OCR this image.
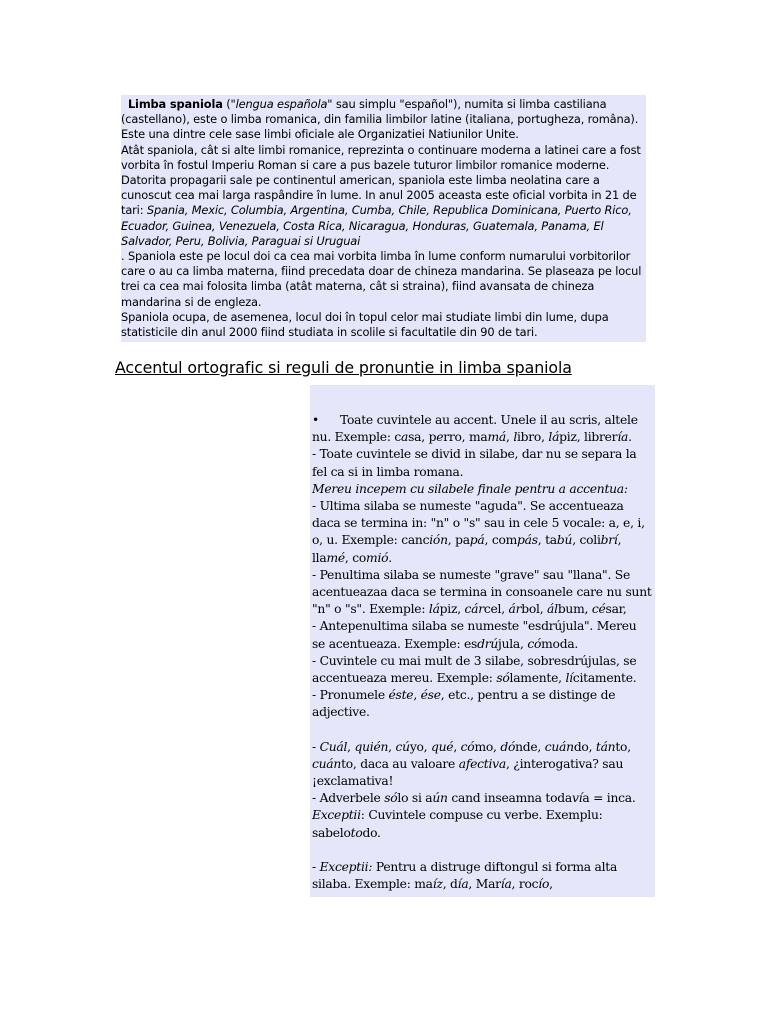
Limba spaniola ("lengua española" sau simplu "español"), numita si limba castiliana (castellano), este o limba romanica, din familia limbilor latine (italiana, portugheza, româna). Este una dintre cele sase limbi oficiale ale Organizatiei Natiunilor Unite.

Atât spaniola, cât si alte limbi romanice, reprezinta o continuare moderna a latinei care a fost vorbita în fostul Imperiu Roman si care a pus bazele tuturor limbilor romanice moderne.

Datorita propagarii sale pe continentul american, spaniola este limba neolatina care a cunoscut cea mai larga raspândire în lume. In anul 2005 aceasta este oficial vorbita in 21 de tari: Spania, Mexic, Columbia, Argentina, Cumba, Chile, Republica Dominicana, Puerto Rico, Ecuador, Guinea, Venezuela, Costa Rica, Nicaragua, Honduras, Guatemala, Panama, El Salvador, Peru, Bolivia, Paraguai si Uruguai

. Spaniola este pe locul doi ca cea mai vorbita limba în lume conform numarului vorbitorilor care o au ca limba materna, fiind precedata doar de chineza mandarina. Se plaseaza pe locul trei ca cea mai folosita limba (atât materna, cât si straina), fiind avansata de chineza mandarina si de engleza.

Spaniola ocupa, de asemenea, locul doi în topul celor mai studiate limbi din lume, dupa statisticile din anul 2000 fiind studiata in scolile si facultatile din 90 de tari.

Accentul ortografic si reguli de pronuntie in limba spaniola

• Toate cuvintele au accent. Unele il au scris, altele nu. Exemple: casa, perro, mamá, libro, lápiz, librería.

- Toate cuvintele se divid in silabe, dar nu se separa la fel ca si in limba romana.

Mereu incepem cu silabele finale pentru a accentua:

- Ultima silaba se numeste "aguda". Se accentueaza daca se termina in: "n" o "s" sau in cele 5 vocale: a, e, i, o, u. Exemple: canción, papá, compás, tabú, colibrí, llamé, comió.

- Penultima silaba se numeste "grave" sau "llana". Se acentueazaa daca se termina in consoanele care nu sunt "n" o "s". Exemple: lápiz, cárcel, árbol, álbum, césar,

- Antepenultima silaba se numeste "esdrújula". Mereu se acentueaza. Exemple: esdrújula, cómoda.

- Cuvintele cu mai mult de 3 silabe, sobresdrújulas, se accentueaza mereu. Exemple: sólamente, lícitamente.

- Pronumele éste, ése, etc., pentru a se distinge de adjective.

- Cuál, quién, cúyo, qué, cómo, dónde, cuándo, tánto, cuánto, daca au valoare afectiva, ¿interogativa? sau ¡exclamativa!

- Adverbele sólo si aún cand inseamna todavía = inca.

Exceptii: Cuvintele compuse cu verbe. Exemplu: sabelotodo.

- Exceptii: Pentru a distruge diftongul si forma alta silaba. Exemple: maíz, día, María, rocío,
